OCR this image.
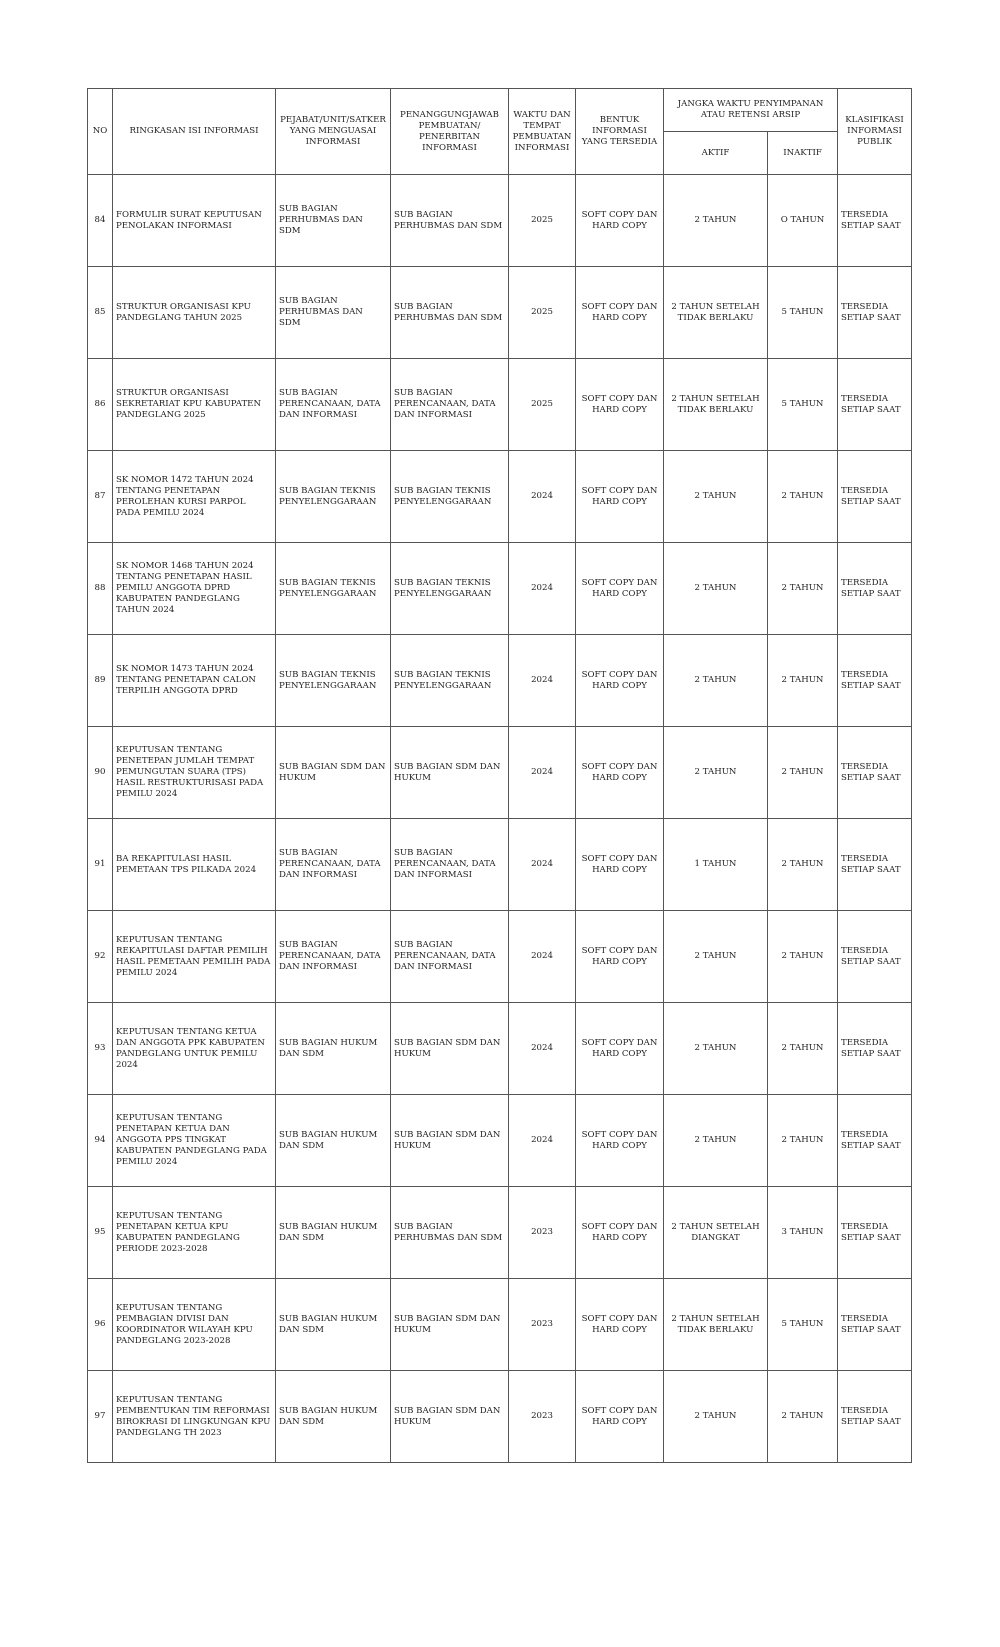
NO	RINGKASAN ISI INFORMASI	PEJABAT/UNIT/SATKER YANG MENGUASAI INFORMASI	PENANGGUNGJAWAB PEMBUATAN/ PENERBITAN INFORMASI	WAKTU DAN TEMPAT PEMBUATAN INFORMASI	BENTUK INFORMASI YANG TERSEDIA	JANGKA WAKTU PENYIMPANAN ATAU RETENSI ARSIP		KLASIFIKASI INFORMASI PUBLIK
						AKTIF	INAKTIF	
84	FORMULIR SURAT KEPUTUSAN PENOLAKAN INFORMASI	SUB BAGIAN PERHUBMAS DAN SDM	SUB BAGIAN PERHUBMAS DAN SDM	2025	SOFT COPY DAN HARD COPY	2 TAHUN	O TAHUN	TERSEDIA SETIAP SAAT
85	STRUKTUR ORGANISASI KPU PANDEGLANG TAHUN 2025	SUB BAGIAN PERHUBMAS DAN SDM	SUB BAGIAN PERHUBMAS DAN SDM	2025	SOFT COPY DAN HARD COPY	2 TAHUN SETELAH TIDAK BERLAKU	5 TAHUN	TERSEDIA SETIAP SAAT
86	STRUKTUR ORGANISASI SEKRETARIAT KPU KABUPATEN PANDEGLANG 2025	SUB BAGIAN PERENCANAAN, DATA DAN INFORMASI	SUB BAGIAN PERENCANAAN, DATA DAN INFORMASI	2025	SOFT COPY DAN HARD COPY	2 TAHUN SETELAH TIDAK BERLAKU	5 TAHUN	TERSEDIA SETIAP SAAT
87	SK NOMOR 1472 TAHUN 2024 TENTANG PENETAPAN PEROLEHAN KURSI PARPOL PADA PEMILU 2024	SUB BAGIAN TEKNIS PENYELENGGARAAN	SUB BAGIAN TEKNIS PENYELENGGARAAN	2024	SOFT COPY DAN HARD COPY	2 TAHUN	2 TAHUN	TERSEDIA SETIAP SAAT
88	SK NOMOR 1468 TAHUN 2024 TENTANG PENETAPAN HASIL PEMILU ANGGOTA DPRD KABUPATEN PANDEGLANG TAHUN 2024	SUB BAGIAN TEKNIS PENYELENGGARAAN	SUB BAGIAN TEKNIS PENYELENGGARAAN	2024	SOFT COPY DAN HARD COPY	2 TAHUN	2 TAHUN	TERSEDIA SETIAP SAAT
89	SK NOMOR 1473 TAHUN 2024 TENTANG PENETAPAN CALON TERPILIH ANGGOTA DPRD	SUB BAGIAN TEKNIS PENYELENGGARAAN	SUB BAGIAN TEKNIS PENYELENGGARAAN	2024	SOFT COPY DAN HARD COPY	2 TAHUN	2 TAHUN	TERSEDIA SETIAP SAAT
90	KEPUTUSAN TENTANG PENETEPAN JUMLAH TEMPAT PEMUNGUTAN SUARA (TPS) HASIL RESTRUKTURISASI PADA PEMILU 2024	SUB BAGIAN SDM DAN HUKUM	SUB BAGIAN SDM DAN HUKUM	2024	SOFT COPY DAN HARD COPY	2 TAHUN	2 TAHUN	TERSEDIA SETIAP SAAT
91	BA REKAPITULASI HASIL PEMETAAN TPS PILKADA 2024	SUB BAGIAN PERENCANAAN, DATA DAN INFORMASI	SUB BAGIAN PERENCANAAN, DATA DAN INFORMASI	2024	SOFT COPY DAN HARD COPY	1 TAHUN	2 TAHUN	TERSEDIA SETIAP SAAT
92	KEPUTUSAN TENTANG REKAPITULASI DAFTAR PEMILIH HASIL PEMETAAN PEMILIH PADA PEMILU 2024	SUB BAGIAN PERENCANAAN, DATA DAN INFORMASI	SUB BAGIAN PERENCANAAN, DATA DAN INFORMASI	2024	SOFT COPY DAN HARD COPY	2 TAHUN	2 TAHUN	TERSEDIA SETIAP SAAT
93	KEPUTUSAN TENTANG KETUA DAN ANGGOTA PPK KABUPATEN PANDEGLANG UNTUK PEMILU 2024	SUB BAGIAN HUKUM DAN SDM	SUB BAGIAN SDM DAN HUKUM	2024	SOFT COPY DAN HARD COPY	2 TAHUN	2 TAHUN	TERSEDIA SETIAP SAAT
94	KEPUTUSAN TENTANG PENETAPAN KETUA DAN ANGGOTA PPS TINGKAT KABUPATEN PANDEGLANG PADA PEMILU 2024	SUB BAGIAN HUKUM DAN SDM	SUB BAGIAN SDM DAN HUKUM	2024	SOFT COPY DAN HARD COPY	2 TAHUN	2 TAHUN	TERSEDIA SETIAP SAAT
95	KEPUTUSAN TENTANG PENETAPAN KETUA KPU KABUPATEN PANDEGLANG PERIODE 2023-2028	SUB BAGIAN HUKUM DAN SDM	SUB BAGIAN PERHUBMAS DAN SDM	2023	SOFT COPY DAN HARD COPY	2 TAHUN SETELAH DIANGKAT	3 TAHUN	TERSEDIA SETIAP SAAT
96	KEPUTUSAN TENTANG PEMBAGIAN DIVISI DAN KOORDINATOR WILAYAH KPU PANDEGLANG 2023-2028	SUB BAGIAN HUKUM DAN SDM	SUB BAGIAN SDM DAN HUKUM	2023	SOFT COPY DAN HARD COPY	2 TAHUN SETELAH TIDAK BERLAKU	5 TAHUN	TERSEDIA SETIAP SAAT
97	KEPUTUSAN TENTANG PEMBENTUKAN TIM REFORMASI BIROKRASI DI LINGKUNGAN KPU PANDEGLANG TH 2023	SUB BAGIAN HUKUM DAN SDM	SUB BAGIAN SDM DAN HUKUM	2023	SOFT COPY DAN HARD COPY	2 TAHUN	2 TAHUN	TERSEDIA SETIAP SAAT
